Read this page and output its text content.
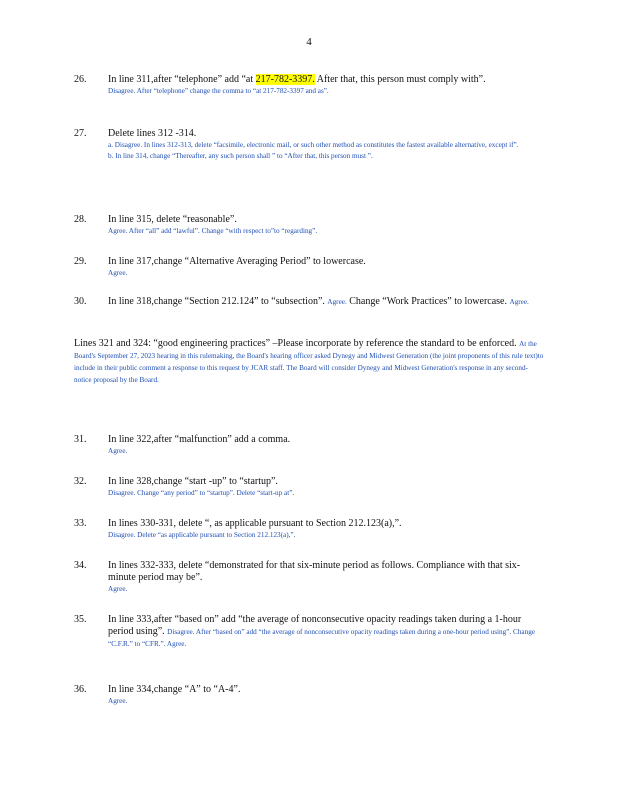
4
26. In line 311,after “telephone” add “at 217-782-3397. After that, this person must comply with”.
Disagree. After “telephone” change the comma to “at 217-782-3397 and as”.
27. Delete lines 312 -314.
a. Disagree. In lines 312-313, delete “facsimile, electronic mail, or such other method as constitutes the fastest available alternative, except if”.
b. In line 314, change “Thereafter, any such person shall ” to “After that, this person must ”.
28. In line 315, delete “reasonable”.
Agree. After “all” add “lawful”. Change “with respect to”to “regarding”.
29. In line 317,change “Alternative Averaging Period” to lowercase.
Agree.
30. In line 318,change “Section 212.124” to “subsection”. Agree. Change “Work Practices” to lowercase. Agree.
Lines 321 and 324: “good engineering practices” –Please incorporate by reference the standard to be enforced. At the Board's September 27, 2023 hearing in this rulemaking, the Board's hearing officer asked Dynegy and Midwest Generation (the joint proponents of this rule text)to include in their public comment a response to this request by JCAR staff. The Board will consider Dynegy and Midwest Generation's response in any second-notice proposal by the Board.
31. In line 322,after “malfunction” add a comma.
Agree.
32. In line 328,change “start -up” to “startup”.
Disagree. Change “any period” to “startup”. Delete “start-up at”.
33. In lines 330-331, delete “, as applicable pursuant to Section 212.123(a),”.
Disagree. Delete “as applicable pursuant to Section 212.123(a),”.
34. In lines 332-333, delete “demonstrated for that six-minute period as follows. Compliance with that six-minute period may be”.
Agree.
35. In line 333,after “based on” add “the average of nonconsecutive opacity readings taken during a 1-hour period using”. Disagree. After “based on” add “the average of nonconsecutive opacity readings taken during a one-hour period using”. Change “C.F.R.” to “CFR.”. Agree.
36. In line 334,change “A” to “A-4”.
Agree.
